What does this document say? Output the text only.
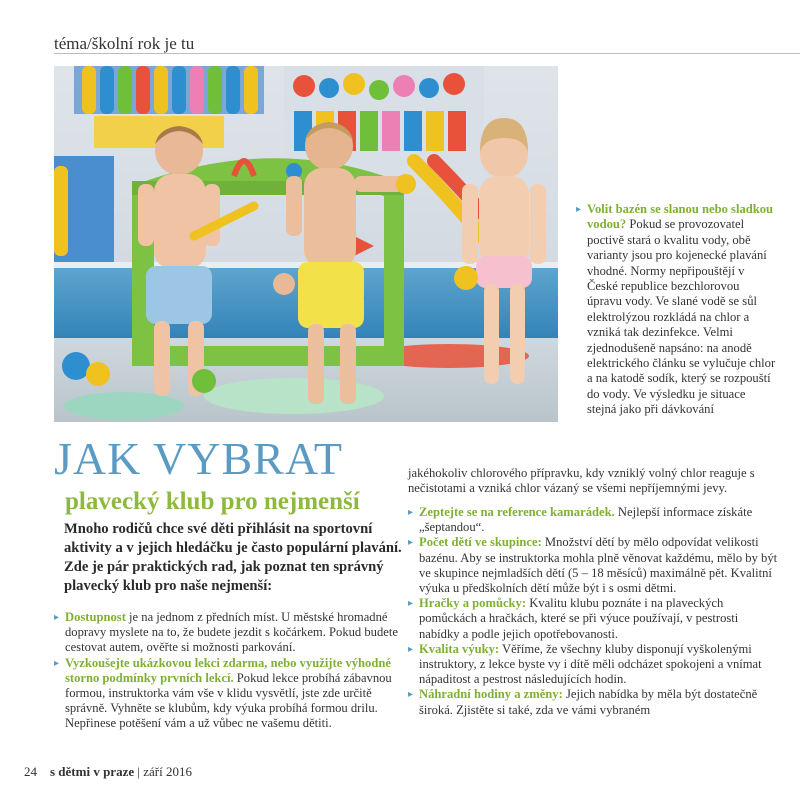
téma/školní rok je tu
JAK VYBRAT
plavecký klub pro nejmenší
Mnoho rodičů chce své děti přihlásit na sportovní aktivity a v jejich hledáčku je často populární plavání. Zde je pár praktických rad, jak poznat ten správný plavecký klub pro naše nejmenší:
▸ Dostupnost je na jednom z předních míst. U městské hromadné dopravy myslete na to, že budete jezdit s kočárkem. Pokud budete cestovat autem, ověřte si možnosti parkování.
▸ Vyzkoušejte ukázkovou lekci zdarma, nebo využijte výhodné storno podmínky prvních lekcí. Pokud lekce probíhá zábavnou formou, instruktorka vám vše v klidu vysvětlí, jste zde určitě správně. Vyhněte se klubům, kdy výuka probíhá formou drilu. Nepřinese potěšení vám a už vůbec ne vašemu dětiti.
▸ Volit bazén se slanou nebo sladkou vodou? Pokud se provozovatel poctivě stará o kvalitu vody, obě varianty jsou pro kojenecké plavání vhodné. Normy nepřipouštějí v České republice bezchlorovou úpravu vody. Ve slané vodě se sůl elektrolýzou rozkládá na chlor a vzniká tak dezinfekce. Velmi zjednodušeně napsáno: na anodě elektrického článku se vylučuje chlor a na katodě sodík, který se rozpouští do vody. Ve výsledku je situace stejná jako při dávkování
jakéhokoliv chlorového přípravku, kdy vzniklý volný chlor reaguje s nečistotami a vzniká chlor vázaný se všemi nepříjemnými jevy.
▸ Zeptejte se na reference kamarádek. Nejlepší informace získáte „šeptandou“.
▸ Počet dětí ve skupince: Množství dětí by mělo odpovídat velikosti bazénu. Aby se instruktorka mohla plně věnovat každému, mělo by být ve skupince nejmladších dětí (5 – 18 měsíců) maximálně pět. Kvalitní výuka u předškolních dětí může být i s osmi dětmi.
▸ Hračky a pomůcky: Kvalitu klubu poznáte i na plaveckých pomůckách a hračkách, které se při výuce používají, v pestrosti nabídky a podle jejich opotřebovanosti.
▸ Kvalita výuky: Věříme, že všechny kluby disponují vyškolenými instruktory, z lekce byste vy i dítě měli odcházet spokojeni a vnímat nápaditost a pestrost následujících hodin.
▸ Náhradní hodiny a změny: Jejich nabídka by měla být dostatečně široká. Zjistěte si také, zda ve vámi vybraném
24 s dětmi v praze | září 2016
